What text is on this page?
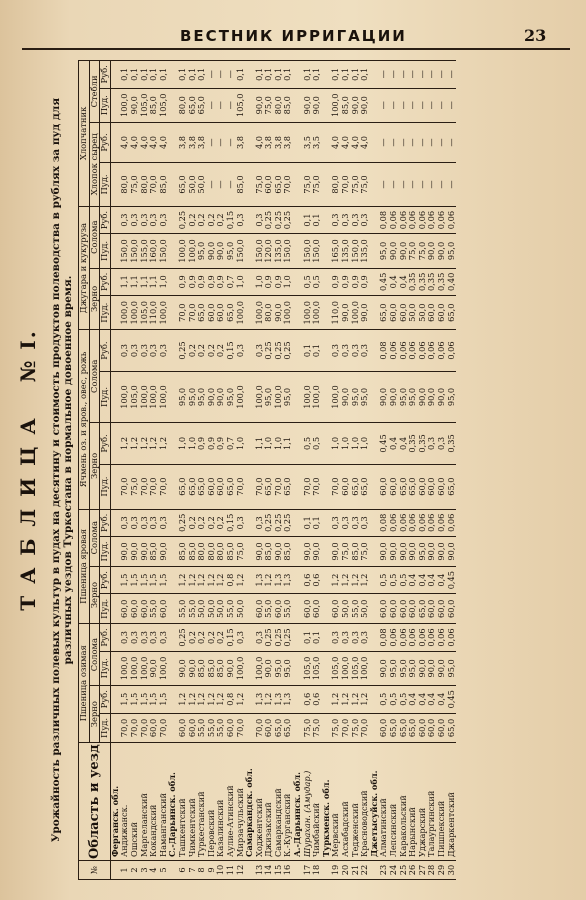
ВЕСТНИК ИРРИГАЦИИ	23
ТАБЛИЦА№ I. Урожайность различных полевых культур в пудах на десятину и стоимость продуктов полеводства в рублях за пуд для различных уездов Туркестана в нормальное довоенное время.
№	Область и уезд	Пшеница озимая				Пшеница яровая				Ячмень оз. и яров., овес, рожь				Джугара и кукуруза				Хлопчатник			
		Зерно		Солома		Зерно		Солома		Зерно		Солома		Зерно		Солома		Хлопок сырец		Стебли	
		Пуд.	Руб.	Пуд.	Руб.	Пуд.	Руб.	Пуд.	Руб.	Пуд.	Руб.	Пуд.	Руб.	Пуд.	Руб.	Пуд.	Руб.	Пуд.	Руб.	Пуд.	Руб.
	Ферганск. обл.																				
1	Андижанск.	70,0	1,5	100,0	0,3	60,0	1,5	90,0	0,3	70,0	1,2	100,0	0,3	100,0	1,1	150,0	0,3	80,0	4,0	100,0	0,1
2	Ошский	70,0	1,5	100,0	0,3	60,0	1,5	90,0	0,3	75,0	1,2	105,0	0,3	100,0	1,1	150,0	0,3	75,0	4,0	90,0	0,1
3	Маргеланский	70,0	1,5	100,0	0,3	60,0	1,5	90,0	0,3	70,0	1,2	100,0	0,3	105,0	1,1	155,0	0,3	80,0	4,0	105,0	0,1
4	Кокандский	60,0	1,5	90,0	0,3	55,0	1,5	85,0	0,3	70,0	1,2	100,0	0,3	110,0	1,1	160,0	0,3	70,0	4,0	85,0	0,1
5	Наманганский	70,0	1,5	100,0	0,3	60,0	1,5	90,0	0,3	70,0	1,2	100,0	0,3	100,0	1,0	150,0	0,3	85,0	4,0	105,0	0,1
	С.-Дарьинск. обл.																				
6	Ташкентский	60,0	1,2	90,0	0,25	55,0	1,2	85,0	0,25	65,0	1,0	95,0	0,25	70,0	0,9	100,0	0,25	65,0	3,8	80,0	0,1
7	Чимкентский	60,0	1,2	90,0	0,2	55,0	1,2	85,0	0,2	65,0	1,0	95,0	0,2	70,0	0,9	100,0	0,2	50,0	3,8	65,0	0,1
8	Туркестанский	55,0	1,2	85,0	0,2	50,0	1,2	80,0	0,2	65,0	0,9	95,0	0,2	65,0	0,9	95,0	0,2	50,0	3,8	65,0	0,1
9	Перовский	55,0	1,2	85,0	0,2	50,0	1,2	80,0	0,2	60,0	0,9	90,0	0,2	60,0	0,9	90,0	0,2	—	—	—	—
10	Казалинский	55,0	1,2	85,0	0,2	50,0	1,2	80,0	0,2	60,0	0,9	90,0	0,2	60,0	0,9	90,0	0,2	—	—	—	—
11	Аулие-Атинский	60,0	0,8	90,0	0,15	55,0	0,8	85,0	0,15	65,0	0,7	95,0	0,15	65,0	0,7	95,0	0,15	—	—	—	—
12	Мирзачульский	70,0	1,2	100,0	0,3	50,0	1,2	75,0	0,3	70,0	1,0	100,0	0,3	100,0	1,0	150,0	0,3	85,0	3,8	105,0	0,1
	Самаркандск. обл.																				
13	Ходжентский	70,0	1,3	100,0	0,3	60,0	1,3	90,0	0,3	70,0	1,1	100,0	0,3	100,0	1,0	150,0	0,3	75,0	4,0	90,0	0,1
14	Джизакский	60,0	1,2	90,0	0,25	55,0	1,2	85,0	0,25	65,0	1,0	95,0	0,25	80,0	0,9	120,0	0,25	60,0	3,8	75,0	0,1
15	Самаркандский	65,0	1,3	95,0	0,25	60,0	1,3	90,0	0,25	70,0	1,0	100,0	0,25	90,0	0,9	135,0	0,25	65,0	3,8	80,0	0,1
16	К.-Курганский	65,0	1,3	95,0	0,25	55,0	1,3	85,0	0,25	65,0	1,1	95,0	0,25	100,0	1,0	150,0	0,25	70,0	3,8	85,0	0,1
	А.-Дарьинск. обл.																				
17	Шурахан. (Амудар.)	75,0	0,6	105,0	0,1	60,0	0,6	90,0	0,1	70,0	0,5	100,0	0,1	100,0	0,5	150,0	0,1	75,0	3,5	90,0	0,1
18	Чимбайский	75,0	0,6	105,0	0,1	60,0	0,6	90,0	0,1	70,0	0,5	100,0	0,1	100,0	0,5	150,0	0,1	75,0	3,5	90,0	0,1
	Туркменск. обл.																				
19	Мервский	75,0	1,2	105,0	0,3	60,0	1,2	90,0	0,3	70,0	1,0	100,0	0,3	110,0	0,9	165,0	0,3	80,0	4,0	100,0	0,1
20	Асхабадский	70,0	1,2	100,0	0,3	50,0	1,2	75,0	0,3	60,0	1,0	90,0	0,3	90,0	0,9	135,0	0,3	70,0	4,0	85,0	0,1
21	Тедженский	75,0	1,2	105,0	0,3	55,0	1,2	85,0	0,3	65,0	1,0	95,0	0,3	100,0	0,9	150,0	0,3	75,0	4,0	90,0	0,1
22	Красноводский	70,0	1,2	100,0	0,3	50,0	1,2	75,0	0,3	65,0	1,0	95,0	0,3	90,0	0,9	135,0	0,3	75,0	4,0	90,0	0,1
	Джетысуйск. обл.																				
23	Алматинский	60,0	0,5	90,0	0,08	60,0	0,5	90,0	0,08	60,0	0,45	90,0	0,08	65,0	0,45	95,0	0,08	—	—	—	—
24	Лепсинский	65,0	0,5	95,0	0,06	60,0	0,5	90,0	0,06	60,0	0,4	90,0	0,06	60,0	0,4	90,0	0,06	—	—	—	—
25	Каракольский	65,0	0,5	95,0	0,06	60,0	0,5	90,0	0,06	65,0	0,4	95,0	0,06	60,0	0,4	90,0	0,06	—	—	—	—
26	Нарынский	65,0	0,4	95,0	0,06	60,0	0,4	90,0	0,06	65,0	0,35	95,0	0,06	50,0	0,35	75,0	0,06	—	—	—	—
27	Уджарский	60,0	0,4	90,0	0,06	65,0	0,4	95,0	0,06	60,0	0,35	90,0	0,06	50,0	0,35	75,0	0,06	—	—	—	—
28	Талаургинский	60,0	0,4	90,0	0,06	60,0	0,4	90,0	0,06	60,0	0,3	90,0	0,06	60,0	0,35	90,0	0,06	—	—	—	—
29	Пишпекский	60,0	0,4	90,0	0,06	60,0	0,4	90,0	0,06	60,0	0,3	90,0	0,06	60,0	0,35	90,0	0,06	—	—	—	—
30	Джаркентский	65,0	0,45	95,0	0,06	60,0	0,45	90,0	0,06	65,0	0,35	95,0	0,06	65,0	0,40	95,0	0,06	—	—	—	—
